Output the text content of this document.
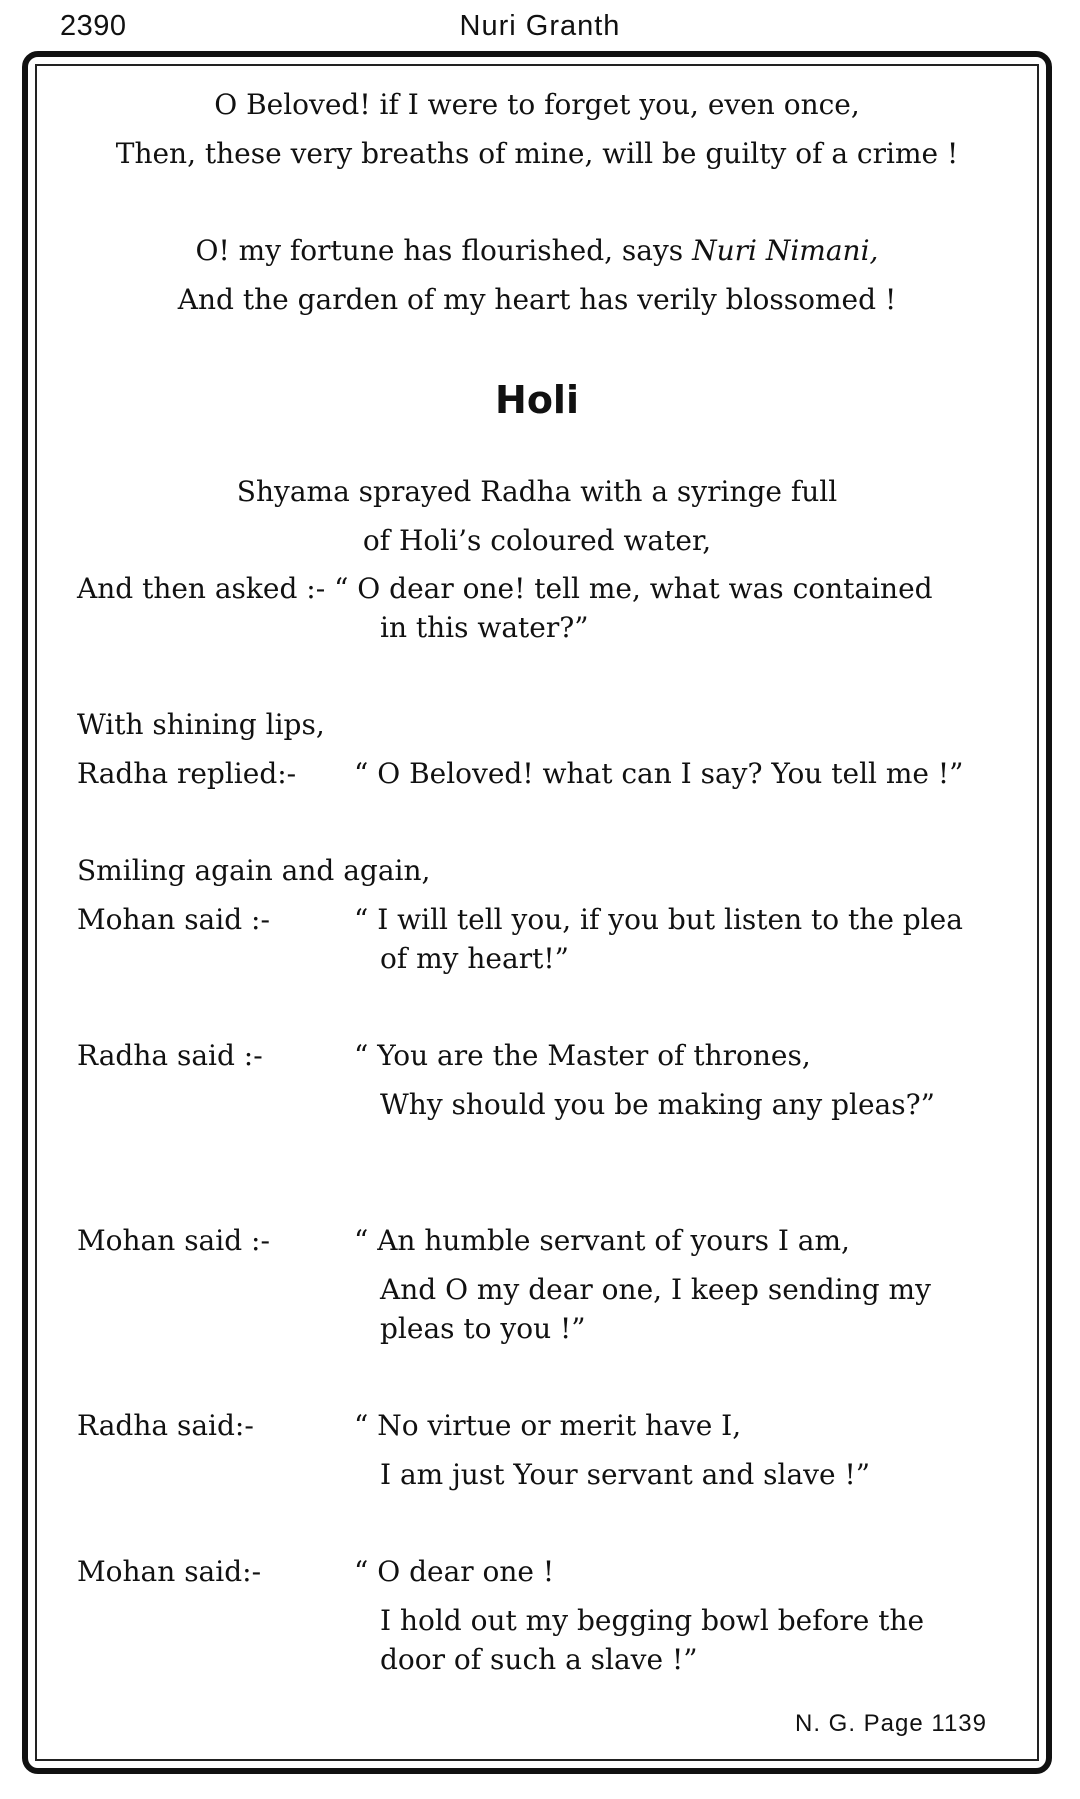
2390	Nuri Granth
O Beloved! if I were to forget you, even once,
Then, these very breaths of mine, will be guilty of a crime !
O! my fortune has flourished, says Nuri Nimani,
And the garden of my heart has verily blossomed !
Holi
Shyama sprayed Radha with a syringe full
of Holi’s coloured water,
And then asked :- “ O dear one! tell me, what was contained
in this water?”
With shining lips,
Radha replied:- “ O Beloved! what can I say? You tell me !”
Smiling again and again,
Mohan said :-	“ I will tell you, if you but listen to the plea
of my heart!”
Radha said :-	“ You are the Master of thrones,
Why should you be making any pleas?”
Mohan said :-	“ An humble servant of yours I am,
And O my dear one, I keep sending my
pleas to you !”
Radha said:-	“ No virtue or merit have I,
I am just Your servant and slave !”
Mohan said:-	“ O dear one !
I hold out my begging bowl before the
door of such a slave !”
N. G. Page 1139
